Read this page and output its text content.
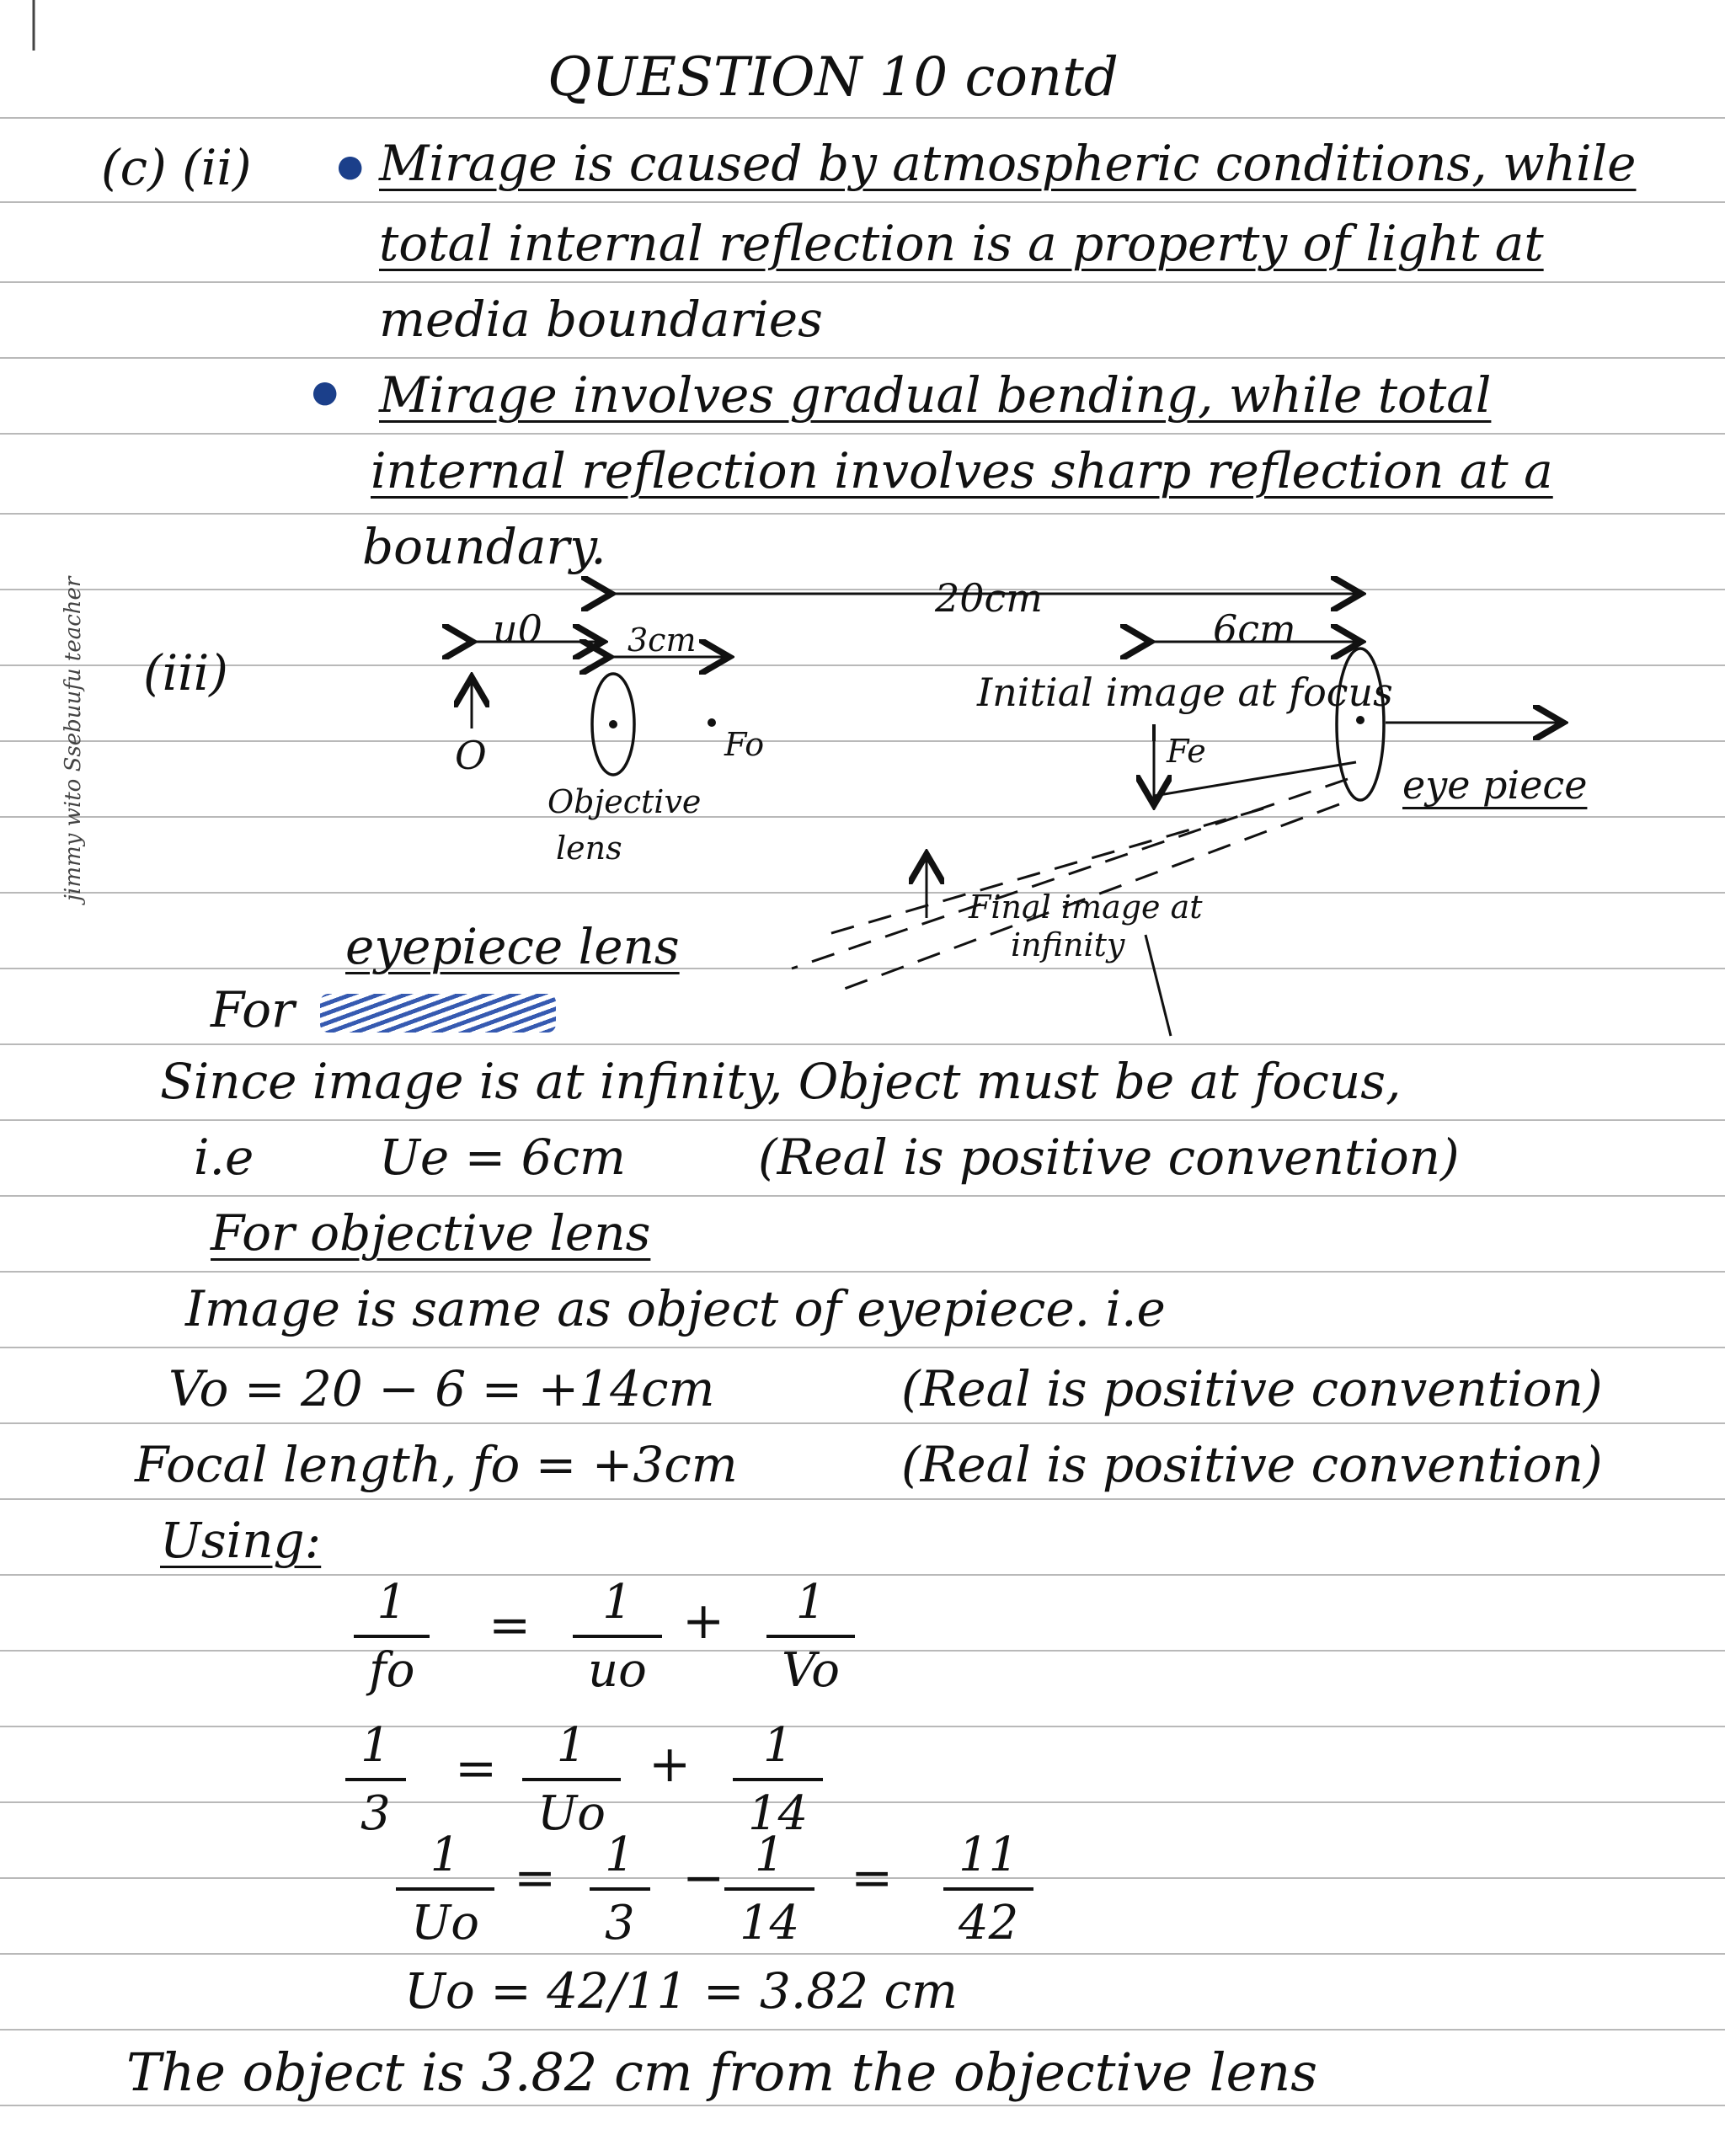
jimmy wito Ssebuufu teacher
QUESTION 10 contd
(c) (ii)	● Mirage is caused by atmospheric conditions, while
total internal reflection is a property of light at
media boundaries
● Mirage involves gradual bending, while total
internal reflection involves sharp reflection at a
boundary.
20cm
u0	3cm	6cm
(iii)
O	Fo	Fe
Initial image at focus
Objective
lens
eye piece
Final image at
infinity
eyepiece lens
For
Since image is at infinity, Object must be at focus,
i.e	Ue = 6cm	(Real is positive convention)
For objective lens
Image is same as object of eyepiece. i.e
Vo = 20 − 6 = +14cm	(Real is positive convention)
Focal length, fo = +3cm	(Real is positive convention)
Using:
$\frac{1}{fo} = \frac{1}{uo} + \frac{1}{Vo}$
$\frac{1}{3} = \frac{1}{Uo} + \frac{1}{14}$
$\frac{1}{Uo} = \frac{1}{3} - \frac{1}{14} = \frac{11}{42}$
Uo = 42/11 = 3.82 cm
The object is 3.82 cm from the objective lens
